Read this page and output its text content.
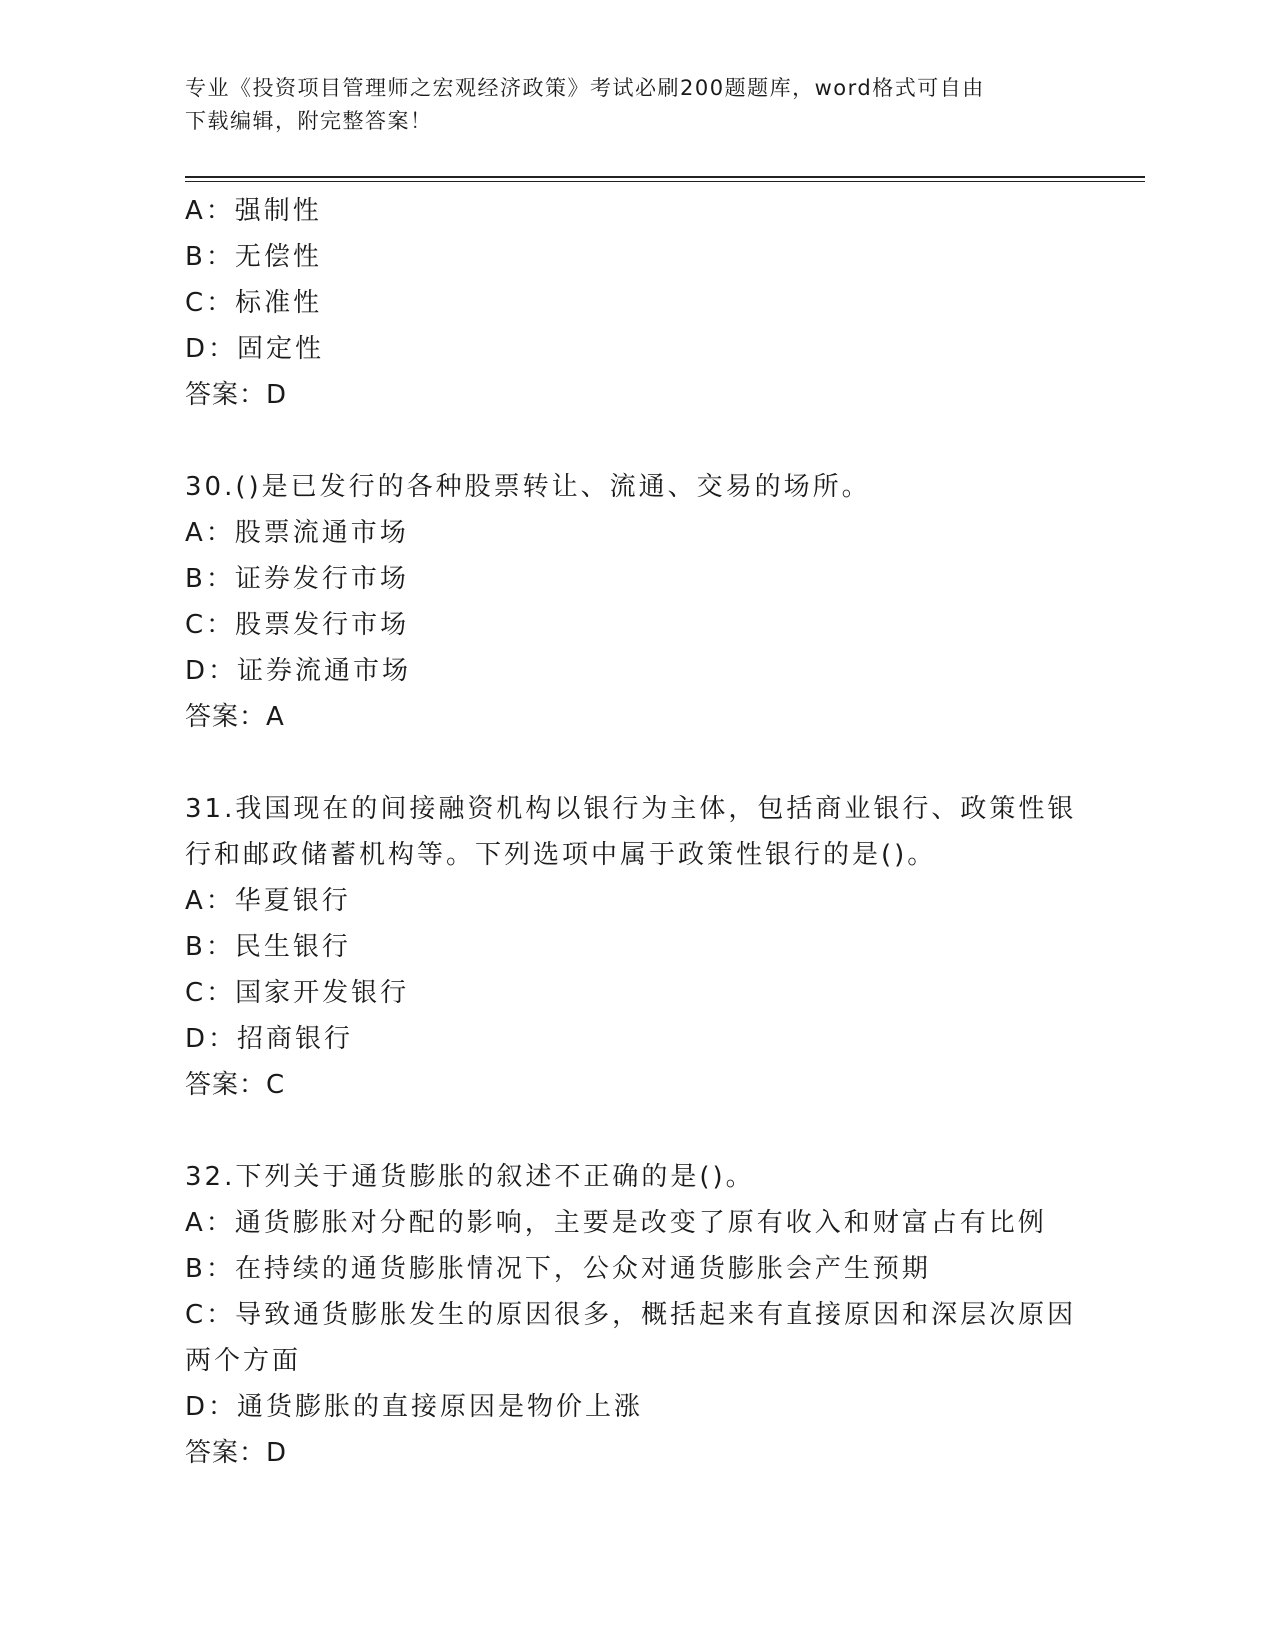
专业《投资项目管理师之宏观经济政策》考试必刷200题题库，word格式可自由
下载编辑，附完整答案！
A：强制性
B：无偿性
C：标准性
D：固定性
答案：D
30.()是已发行的各种股票转让、流通、交易的场所。
A：股票流通市场
B：证券发行市场
C：股票发行市场
D：证券流通市场
答案：A
31.我国现在的间接融资机构以银行为主体，包括商业银行、政策性银
行和邮政储蓄机构等。下列选项中属于政策性银行的是()。
A：华夏银行
B：民生银行
C：国家开发银行
D：招商银行
答案：C
32.下列关于通货膨胀的叙述不正确的是()。
A：通货膨胀对分配的影响，主要是改变了原有收入和财富占有比例
B：在持续的通货膨胀情况下，公众对通货膨胀会产生预期
C：导致通货膨胀发生的原因很多，概括起来有直接原因和深层次原因
两个方面
D：通货膨胀的直接原因是物价上涨
答案：D
